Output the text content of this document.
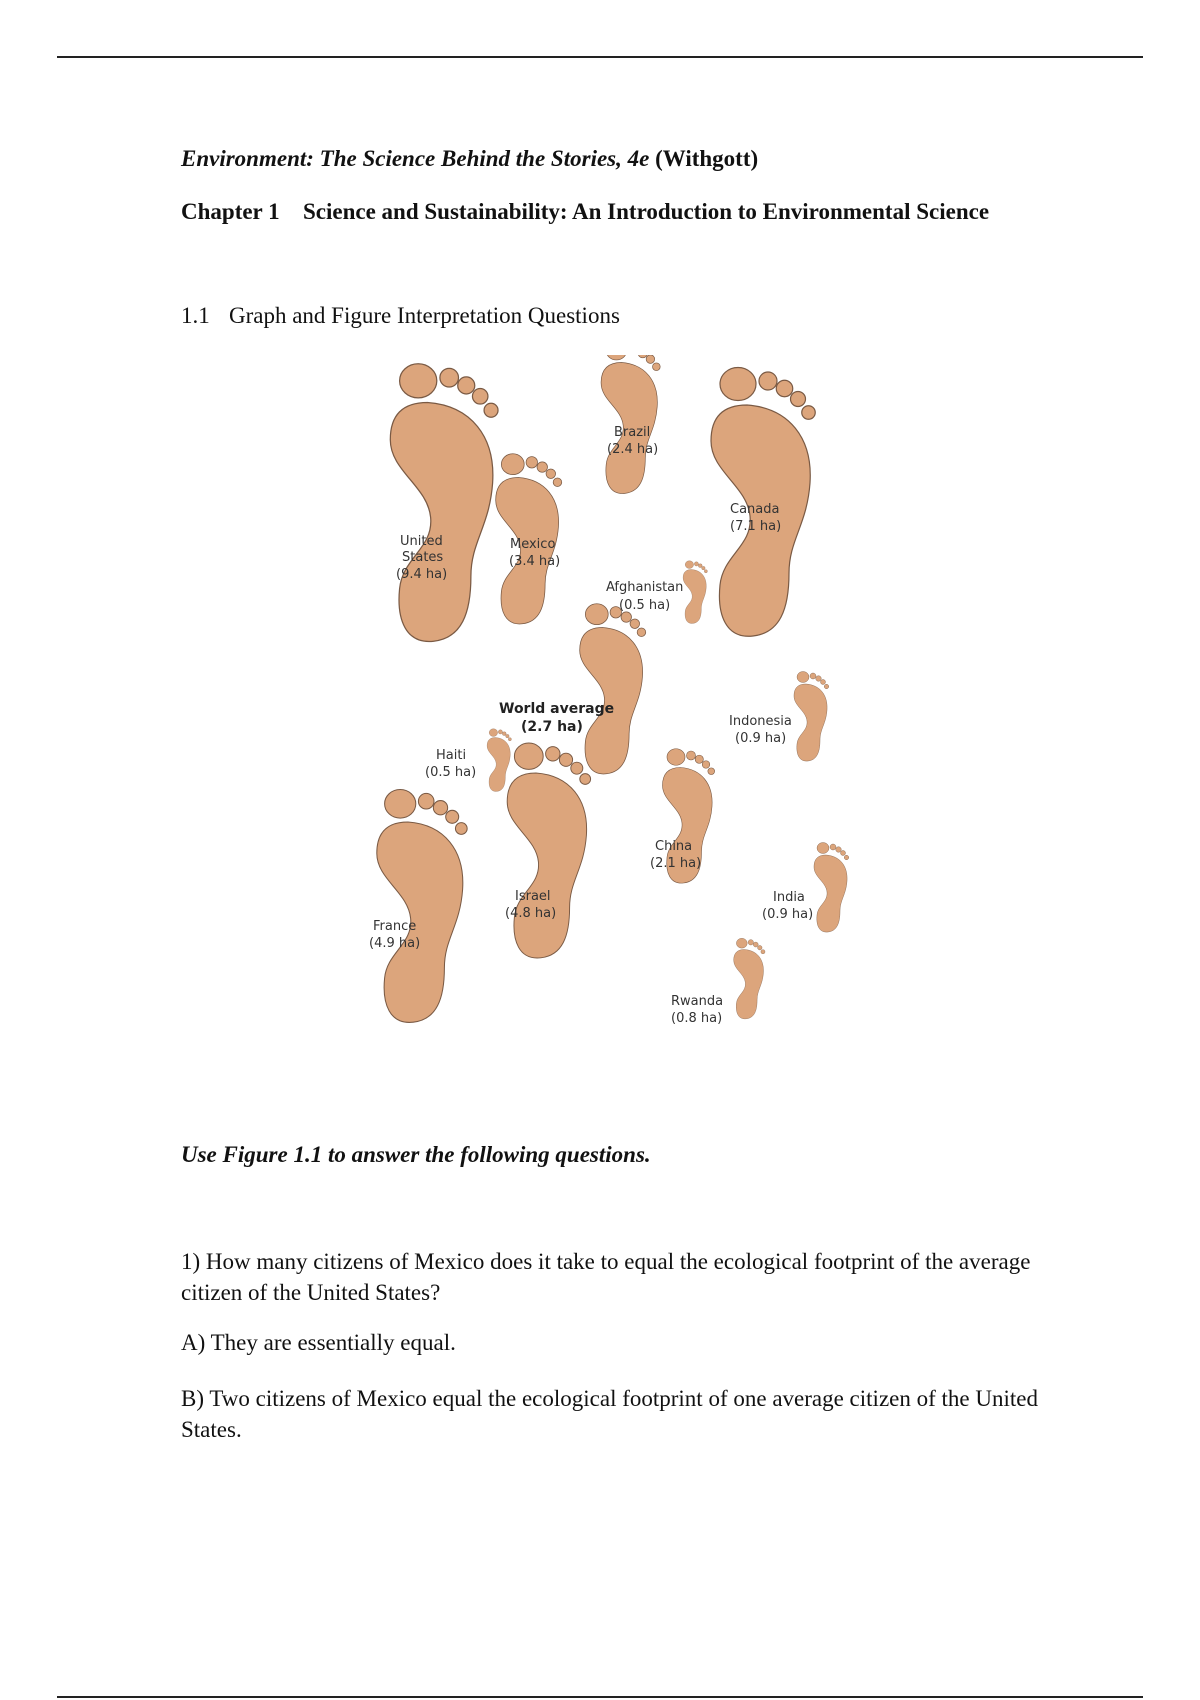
Environment: The Science Behind the Stories, 4e (Withgott)
Chapter 1 Science and Sustainability: An Introduction to Environmental Science
1.1 Graph and Figure Interpretation Questions
United
States
(9.4 ha)
Brazil
(2.4 ha)
Mexico
(3.4 ha)
Canada
(7.1 ha)
Afghanistan
(0.5 ha)
World average
(2.7 ha)	Indonesia
(0.9 ha)
Haiti
(0.5 ha)
China
(2.1 ha)
Israel
(4.8 ha)
India
(0.9 ha)
France
(4.9 ha)
Rwanda
(0.8 ha)
Use Figure 1.1 to answer the following questions.
1) How many citizens of Mexico does it take to equal the ecological footprint of the average citizen of the United States?
A) They are essentially equal.
B) Two citizens of Mexico equal the ecological footprint of one average citizen of the United States.
